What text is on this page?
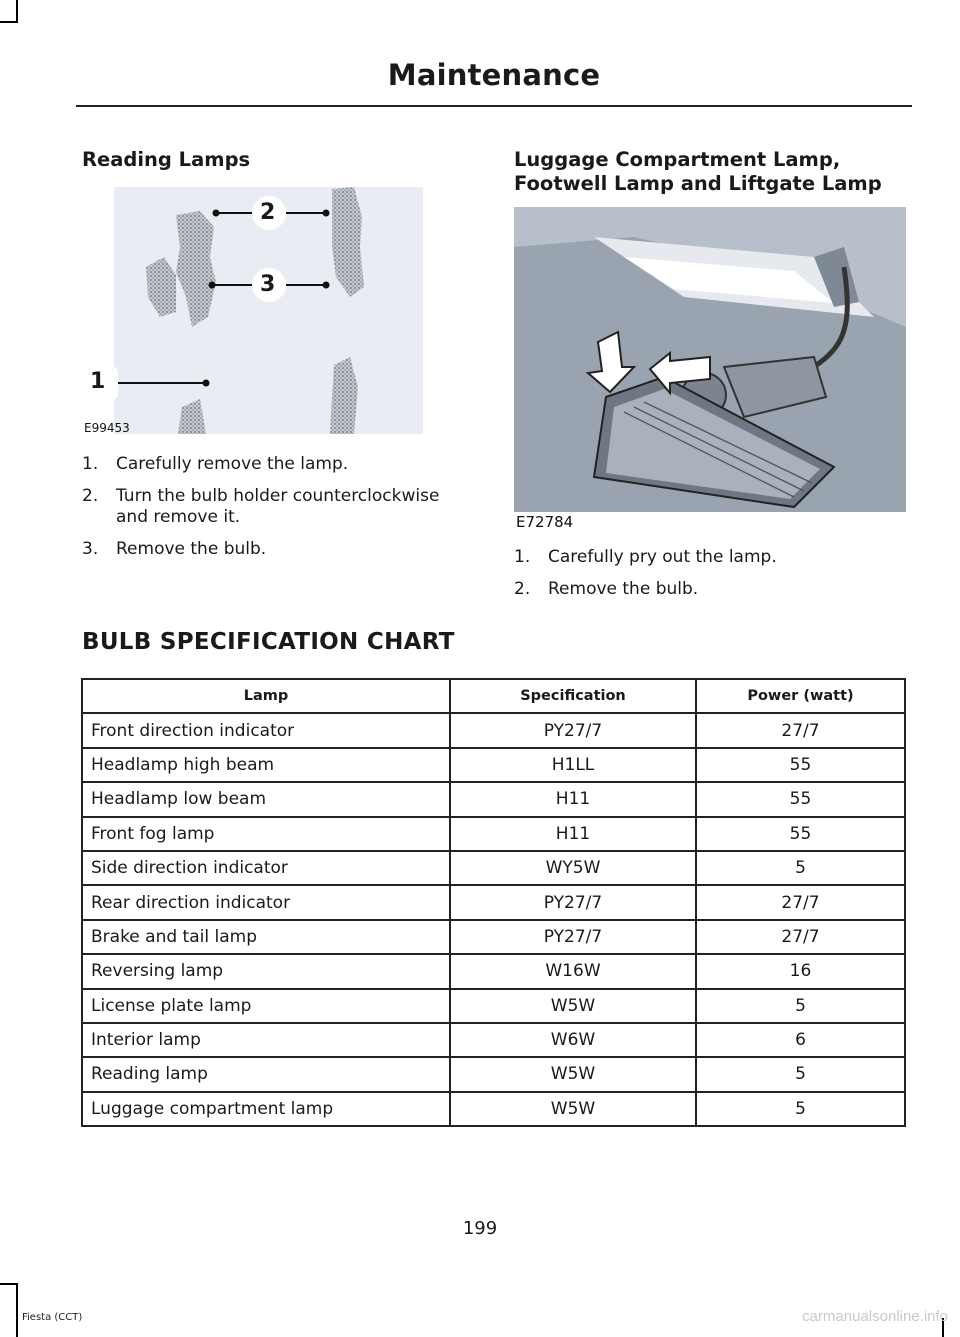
Maintenance
Reading Lamps
2
3
1
E99453
1. Carefully remove the lamp.
2. Turn the bulb holder counterclockwise and remove it.
3. Remove the bulb.
Luggage Compartment Lamp, Footwell Lamp and Liftgate Lamp
E72784
1. Carefully pry out the lamp.
2. Remove the bulb.
BULB SPECIFICATION CHART
Lamp	Specification	Power (watt)
Front direction indicator	PY27/7	27/7
Headlamp high beam	H1LL	55
Headlamp low beam	H11	55
Front fog lamp	H11	55
Side direction indicator	WY5W	5
Rear direction indicator	PY27/7	27/7
Brake and tail lamp	PY27/7	27/7
Reversing lamp	W16W	16
License plate lamp	W5W	5
Interior lamp	W6W	6
Reading lamp	W5W	5
Luggage compartment lamp	W5W	5
199
Fiesta (CCT)	carmanualsonline.info
